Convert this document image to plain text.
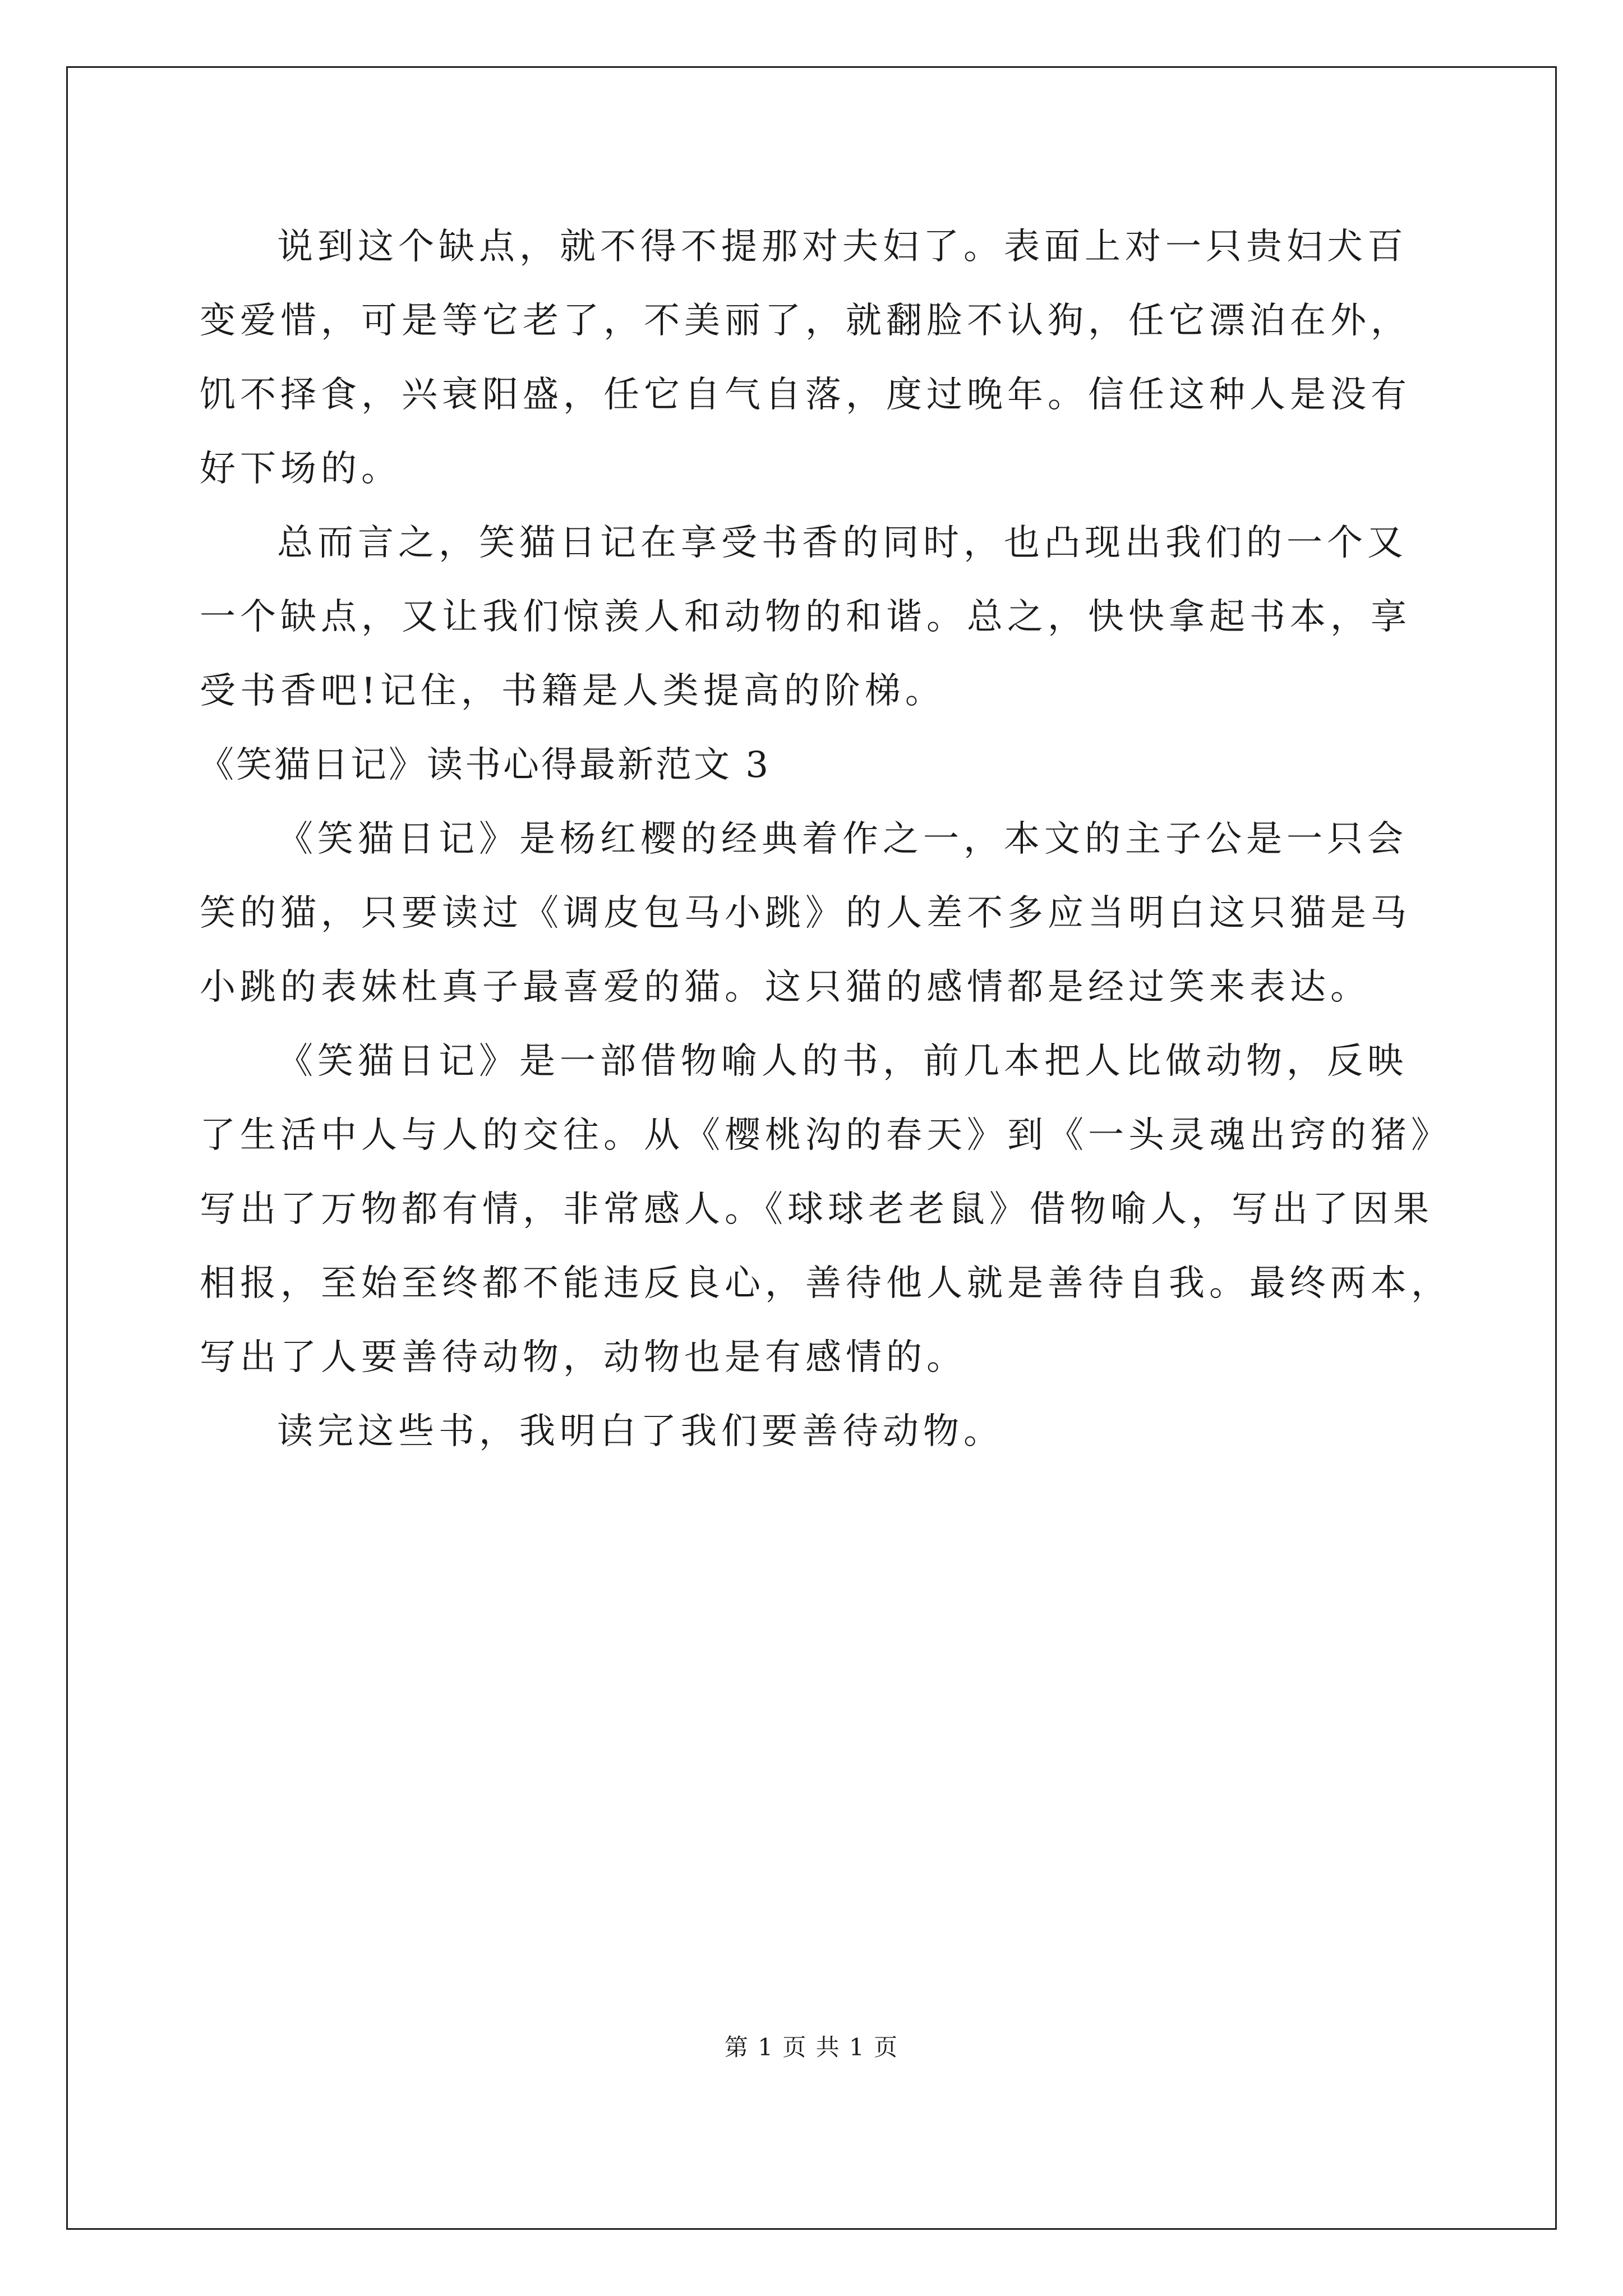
说到这个缺点，就不得不提那对夫妇了。表面上对一只贵妇犬百
变爱惜，可是等它老了，不美丽了，就翻脸不认狗，任它漂泊在外，
饥不择食，兴衰阳盛，任它自气自落，度过晚年。信任这种人是没有
好下场的。

总而言之，笑猫日记在享受书香的同时，也凸现出我们的一个又
一个缺点，又让我们惊羡人和动物的和谐。总之，快快拿起书本，享
受书香吧!记住，书籍是人类提高的阶梯。

《笑猫日记》读书心得最新范文 3

《笑猫日记》是杨红樱的经典着作之一，本文的主子公是一只会
笑的猫，只要读过《调皮包马小跳》的人差不多应当明白这只猫是马
小跳的表妹杜真子最喜爱的猫。这只猫的感情都是经过笑来表达。

《笑猫日记》是一部借物喻人的书，前几本把人比做动物，反映
了生活中人与人的交往。从《樱桃沟的春天》到《一头灵魂出窍的猪》
写出了万物都有情，非常感人。《球球老老鼠》借物喻人，写出了因果
相报，至始至终都不能违反良心，善待他人就是善待自我。最终两本，
写出了人要善待动物，动物也是有感情的。

读完这些书，我明白了我们要善待动物。

第 1 页 共 1 页
